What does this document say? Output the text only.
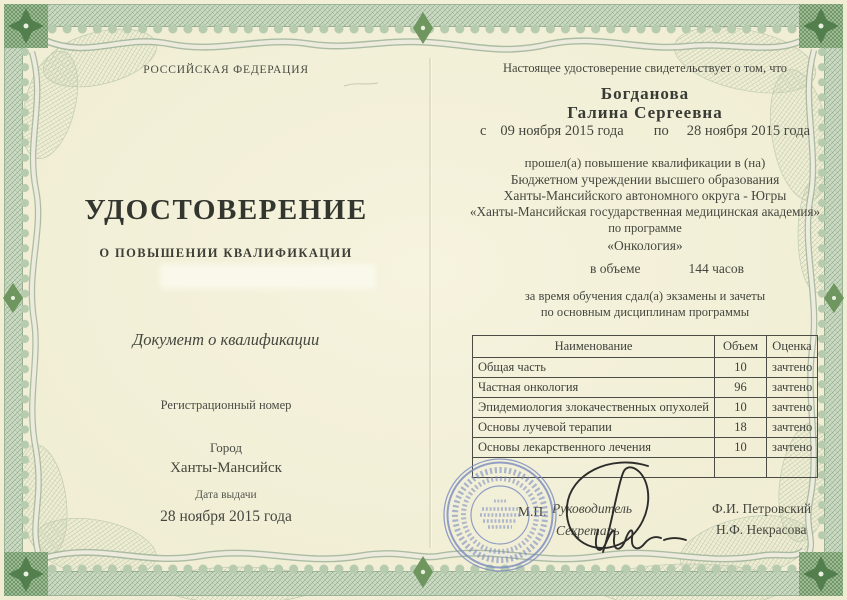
РОССИЙСКАЯ ФЕДЕРАЦИЯ
УДОСТОВЕРЕНИЕ
О ПОВЫШЕНИИ КВАЛИФИКАЦИИ
Документ о квалификации
Регистрационный номер
Город
Ханты-Мансийск
Дата выдачи
28 ноября 2015 года
Настоящее удостоверение свидетельствует о том, что
Богданова
Галина Сергеевна
с 09 ноября 2015 года по 28 ноября 2015 года
прошел(а) повышение квалификации в (на)
Бюджетном учреждении высшего образования
Ханты-Мансийского автономного округа - Югры
«Ханты-Мансийская государственная медицинская академия»
по программе
«Онкология»
в объеме	144 часов
за время обучения сдал(а) экзамены и зачеты
по основным дисциплинам программы
Наименование	Объем	Оценка
Общая часть	10	зачтено
Частная онкология	96	зачтено
Эпидемиология злокачественных опухолей	10	зачтено
Основы лучевой терапии	18	зачтено
Основы лекарственного лечения	10	зачтено

М.П. Руководитель
Секретарь
Ф.И. Петровский
Н.Ф. Некрасова
